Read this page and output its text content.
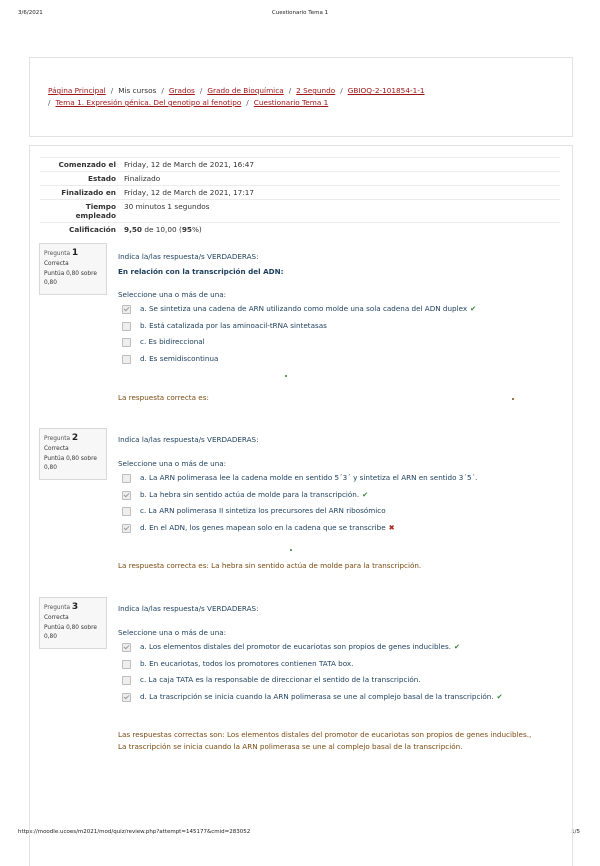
3/6/2021	Cuestionario Tema 1
https://moodle.ucoes/m2021/mod/quiz/review.php?attempt=145177&cmid=283052	1/5
Página Principal / Mis cursos / Grados / Grado de Bioquímica / 2 Segundo / GBIOQ-2-101854-1-1
/ Tema 1. Expresión génica. Del genotipo al fenotipo / Cuestionario Tema 1
Comenzado el	Friday, 12 de March de 2021, 16:47
Estado	Finalizado
Finalizado en	Friday, 12 de March de 2021, 17:17
Tiempo empleado	30 minutos 1 segundos
Calificación	9,50 de 10,00 (95%)
Pregunta 1
Correcta
Puntúa 0,80 sobre 0,80
Indica la/las respuesta/s VERDADERAS:
En relación con la transcripción del ADN:
Seleccione una o más de una:
a. Se sintetiza una cadena de ARN utilizando como molde una sola cadena del ADN duplex ✔
b. Está catalizada por las aminoacil-tRNA sintetasas
c. Es bidireccional
d. Es semidiscontinua
La respuesta correcta es:
Pregunta 2
Correcta
Puntúa 0,80 sobre 0,80
Indica la/las respuesta/s VERDADERAS:
Seleccione una o más de una:
a. La ARN polimerasa lee la cadena molde en sentido 5´3´ y sintetiza el ARN en sentido 3´5´.
b. La hebra sin sentido actúa de molde para la transcripción. ✔
c. La ARN polimerasa II sintetiza los precursores del ARN ribosómico
d. En el ADN, los genes mapean solo en la cadena que se transcribe ✖
La respuesta correcta es: La hebra sin sentido actúa de molde para la transcripción.
Pregunta 3
Correcta
Puntúa 0,80 sobre 0,80
Indica la/las respuesta/s VERDADERAS:
Seleccione una o más de una:
a. Los elementos distales del promotor de eucariotas son propios de genes inducibles. ✔
b. En eucariotas, todos los promotores contienen TATA box.
c. La caja TATA es la responsable de direccionar el sentido de la transcripción.
d. La trascripción se inicia cuando la ARN polimerasa se une al complejo basal de la transcripción. ✔
Las respuestas correctas son: Los elementos distales del promotor de eucariotas son propios de genes inducibles., La trascripción se inicia cuando la ARN polimerasa se une al complejo basal de la transcripción.
